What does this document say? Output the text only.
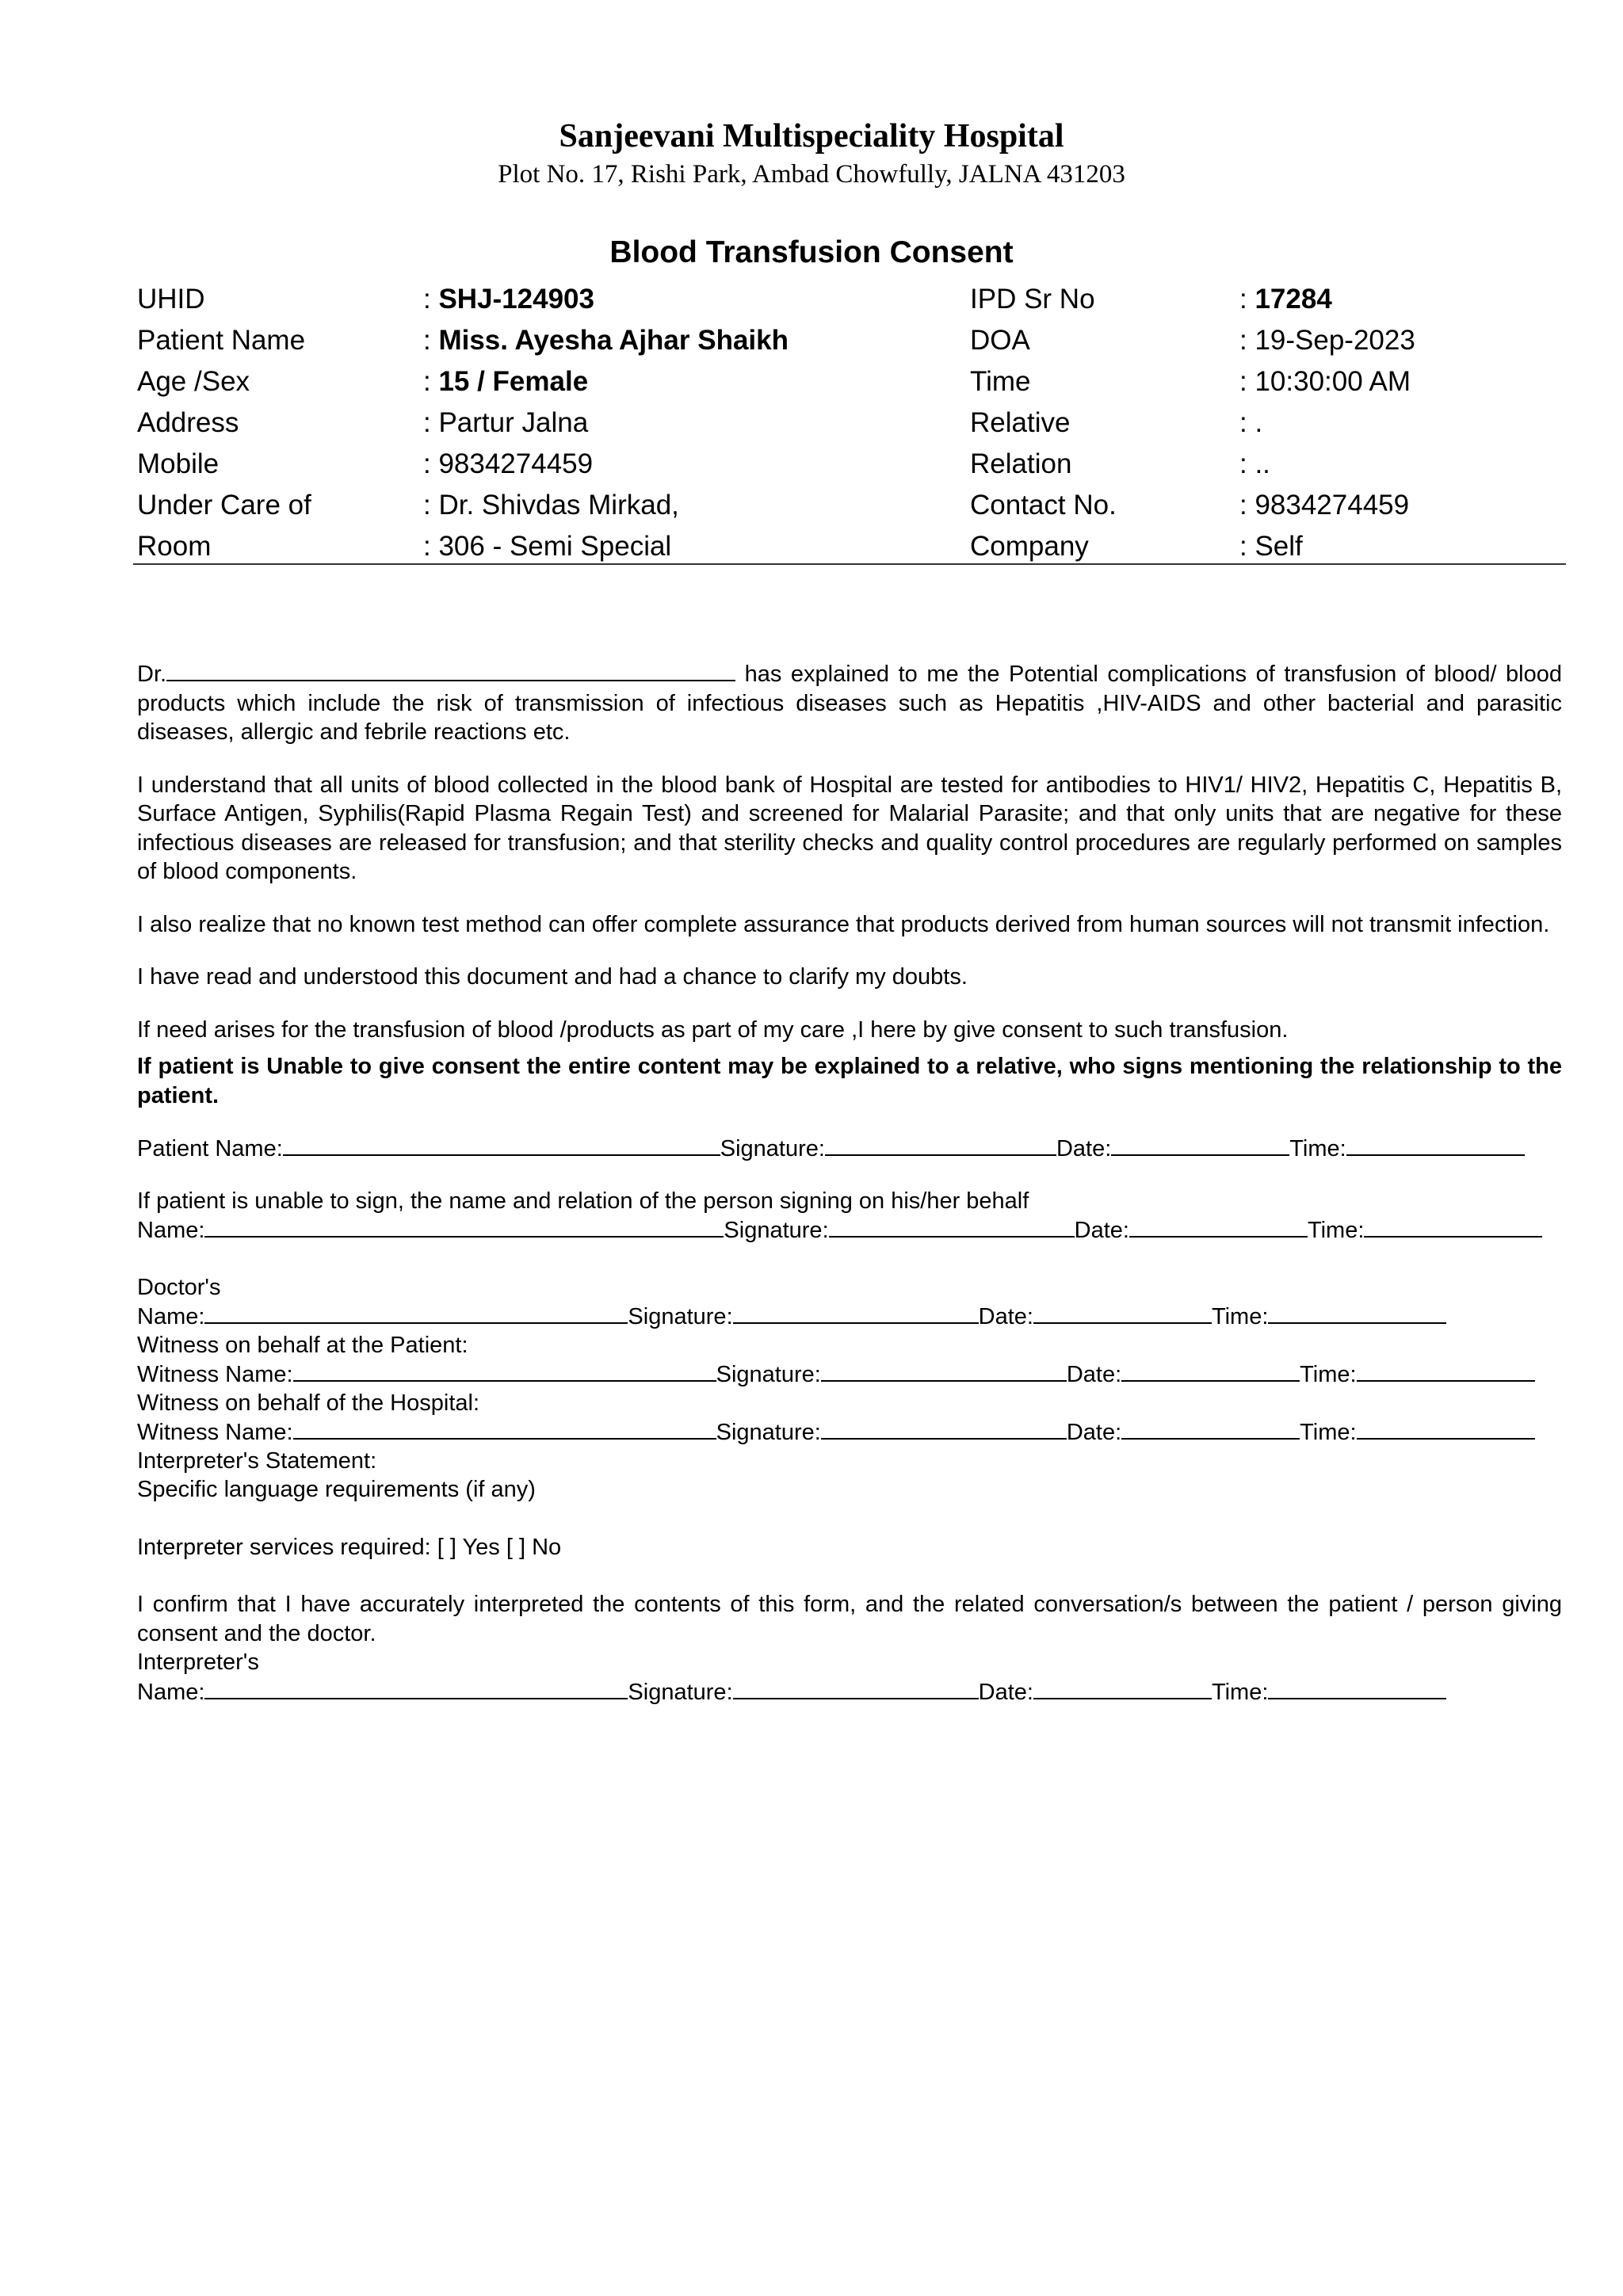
Sanjeevani Multispeciality Hospital
Plot No. 17, Rishi Park, Ambad Chowfully, JALNA 431203
Blood Transfusion Consent
UHID	: SHJ-124903	IPD Sr No	: 17284
Patient Name	: Miss. Ayesha Ajhar Shaikh	DOA	: 19-Sep-2023
Age /Sex	: 15 / Female	Time	: 10:30:00 AM
Address	: Partur Jalna	Relative	: .
Mobile	: 9834274459	Relation	: ..
Under Care of	: Dr. Shivdas Mirkad,	Contact No.	: 9834274459
Room	: 306 - Semi Special	Company	: Self

Dr.	has explained to me the Potential complications of transfusion of blood/ blood products which include the risk of transmission of infectious diseases such as Hepatitis ,HIV-AIDS and other bacterial and parasitic diseases, allergic and febrile reactions etc.

I understand that all units of blood collected in the blood bank of Hospital are tested for antibodies to HIV1/ HIV2, Hepatitis C, Hepatitis B, Surface Antigen, Syphilis(Rapid Plasma Regain Test) and screened for Malarial Parasite; and that only units that are negative for these infectious diseases are released for transfusion; and that sterility checks and quality control procedures are regularly performed on samples of blood components.

I also realize that no known test method can offer complete assurance that products derived from human sources will not transmit infection.

I have read and understood this document and had a chance to clarify my doubts.

If need arises for the transfusion of blood /products as part of my care ,I here by give consent to such transfusion.

If patient is Unable to give consent the entire content may be explained to a relative, who signs mentioning the relationship to the patient.

Patient Name:	Signature:	Date:	Time:
If patient is unable to sign, the name and relation of the person signing on his/her behalf
Name:	Signature:	Date:	Time:
Doctor's
Name:	Signature:	Date:	Time:
Witness on behalf at the Patient:
Witness Name:	Signature:	Date:	Time:
Witness on behalf of the Hospital:
Witness Name:	Signature:	Date:	Time:
Interpreter's Statement:
Specific language requirements (if any)
Interpreter services required: [ ] Yes [ ] No

I confirm that I have accurately interpreted the contents of this form, and the related conversation/s between the patient / person giving consent and the doctor.

Interpreter's
Name:	Signature:	Date:	Time:
